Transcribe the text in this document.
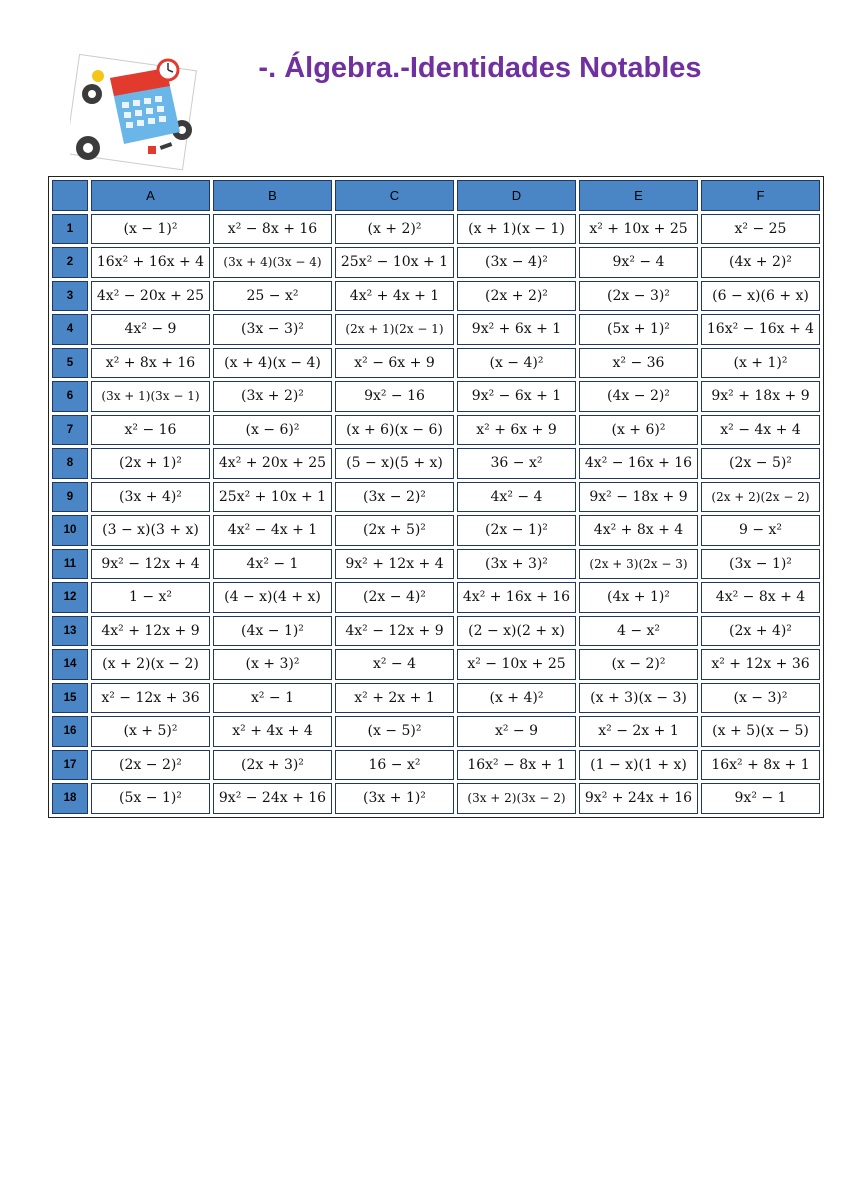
-. Álgebra.-Identidades Notables
	A	B	C	D	E	F
1	(x − 1)²	x² − 8x + 16	(x + 2)²	(x + 1)(x − 1)	x² + 10x + 25	x² − 25
2	16x² + 16x + 4	(3x + 4)(3x − 4)	25x² − 10x + 1	(3x − 4)²	9x² − 4	(4x + 2)²
3	4x² − 20x + 25	25 − x²	4x² + 4x + 1	(2x + 2)²	(2x − 3)²	(6 − x)(6 + x)
4	4x² − 9	(3x − 3)²	(2x + 1)(2x − 1)	9x² + 6x + 1	(5x + 1)²	16x² − 16x + 4
5	x² + 8x + 16	(x + 4)(x − 4)	x² − 6x + 9	(x − 4)²	x² − 36	(x + 1)²
6	(3x + 1)(3x − 1)	(3x + 2)²	9x² − 16	9x² − 6x + 1	(4x − 2)²	9x² + 18x + 9
7	x² − 16	(x − 6)²	(x + 6)(x − 6)	x² + 6x + 9	(x + 6)²	x² − 4x + 4
8	(2x + 1)²	4x² + 20x + 25	(5 − x)(5 + x)	36 − x²	4x² − 16x + 16	(2x − 5)²
9	(3x + 4)²	25x² + 10x + 1	(3x − 2)²	4x² − 4	9x² − 18x + 9	(2x + 2)(2x − 2)
10	(3 − x)(3 + x)	4x² − 4x + 1	(2x + 5)²	(2x − 1)²	4x² + 8x + 4	9 − x²
11	9x² − 12x + 4	4x² − 1	9x² + 12x + 4	(3x + 3)²	(2x + 3)(2x − 3)	(3x − 1)²
12	1 − x²	(4 − x)(4 + x)	(2x − 4)²	4x² + 16x + 16	(4x + 1)²	4x² − 8x + 4
13	4x² + 12x + 9	(4x − 1)²	4x² − 12x + 9	(2 − x)(2 + x)	4 − x²	(2x + 4)²
14	(x + 2)(x − 2)	(x + 3)²	x² − 4	x² − 10x + 25	(x − 2)²	x² + 12x + 36
15	x² − 12x + 36	x² − 1	x² + 2x + 1	(x + 4)²	(x + 3)(x − 3)	(x − 3)²
16	(x + 5)²	x² + 4x + 4	(x − 5)²	x² − 9	x² − 2x + 1	(x + 5)(x − 5)
17	(2x − 2)²	(2x + 3)²	16 − x²	16x² − 8x + 1	(1 − x)(1 + x)	16x² + 8x + 1
18	(5x − 1)²	9x² − 24x + 16	(3x + 1)²	(3x + 2)(3x − 2)	9x² + 24x + 16	9x² − 1
